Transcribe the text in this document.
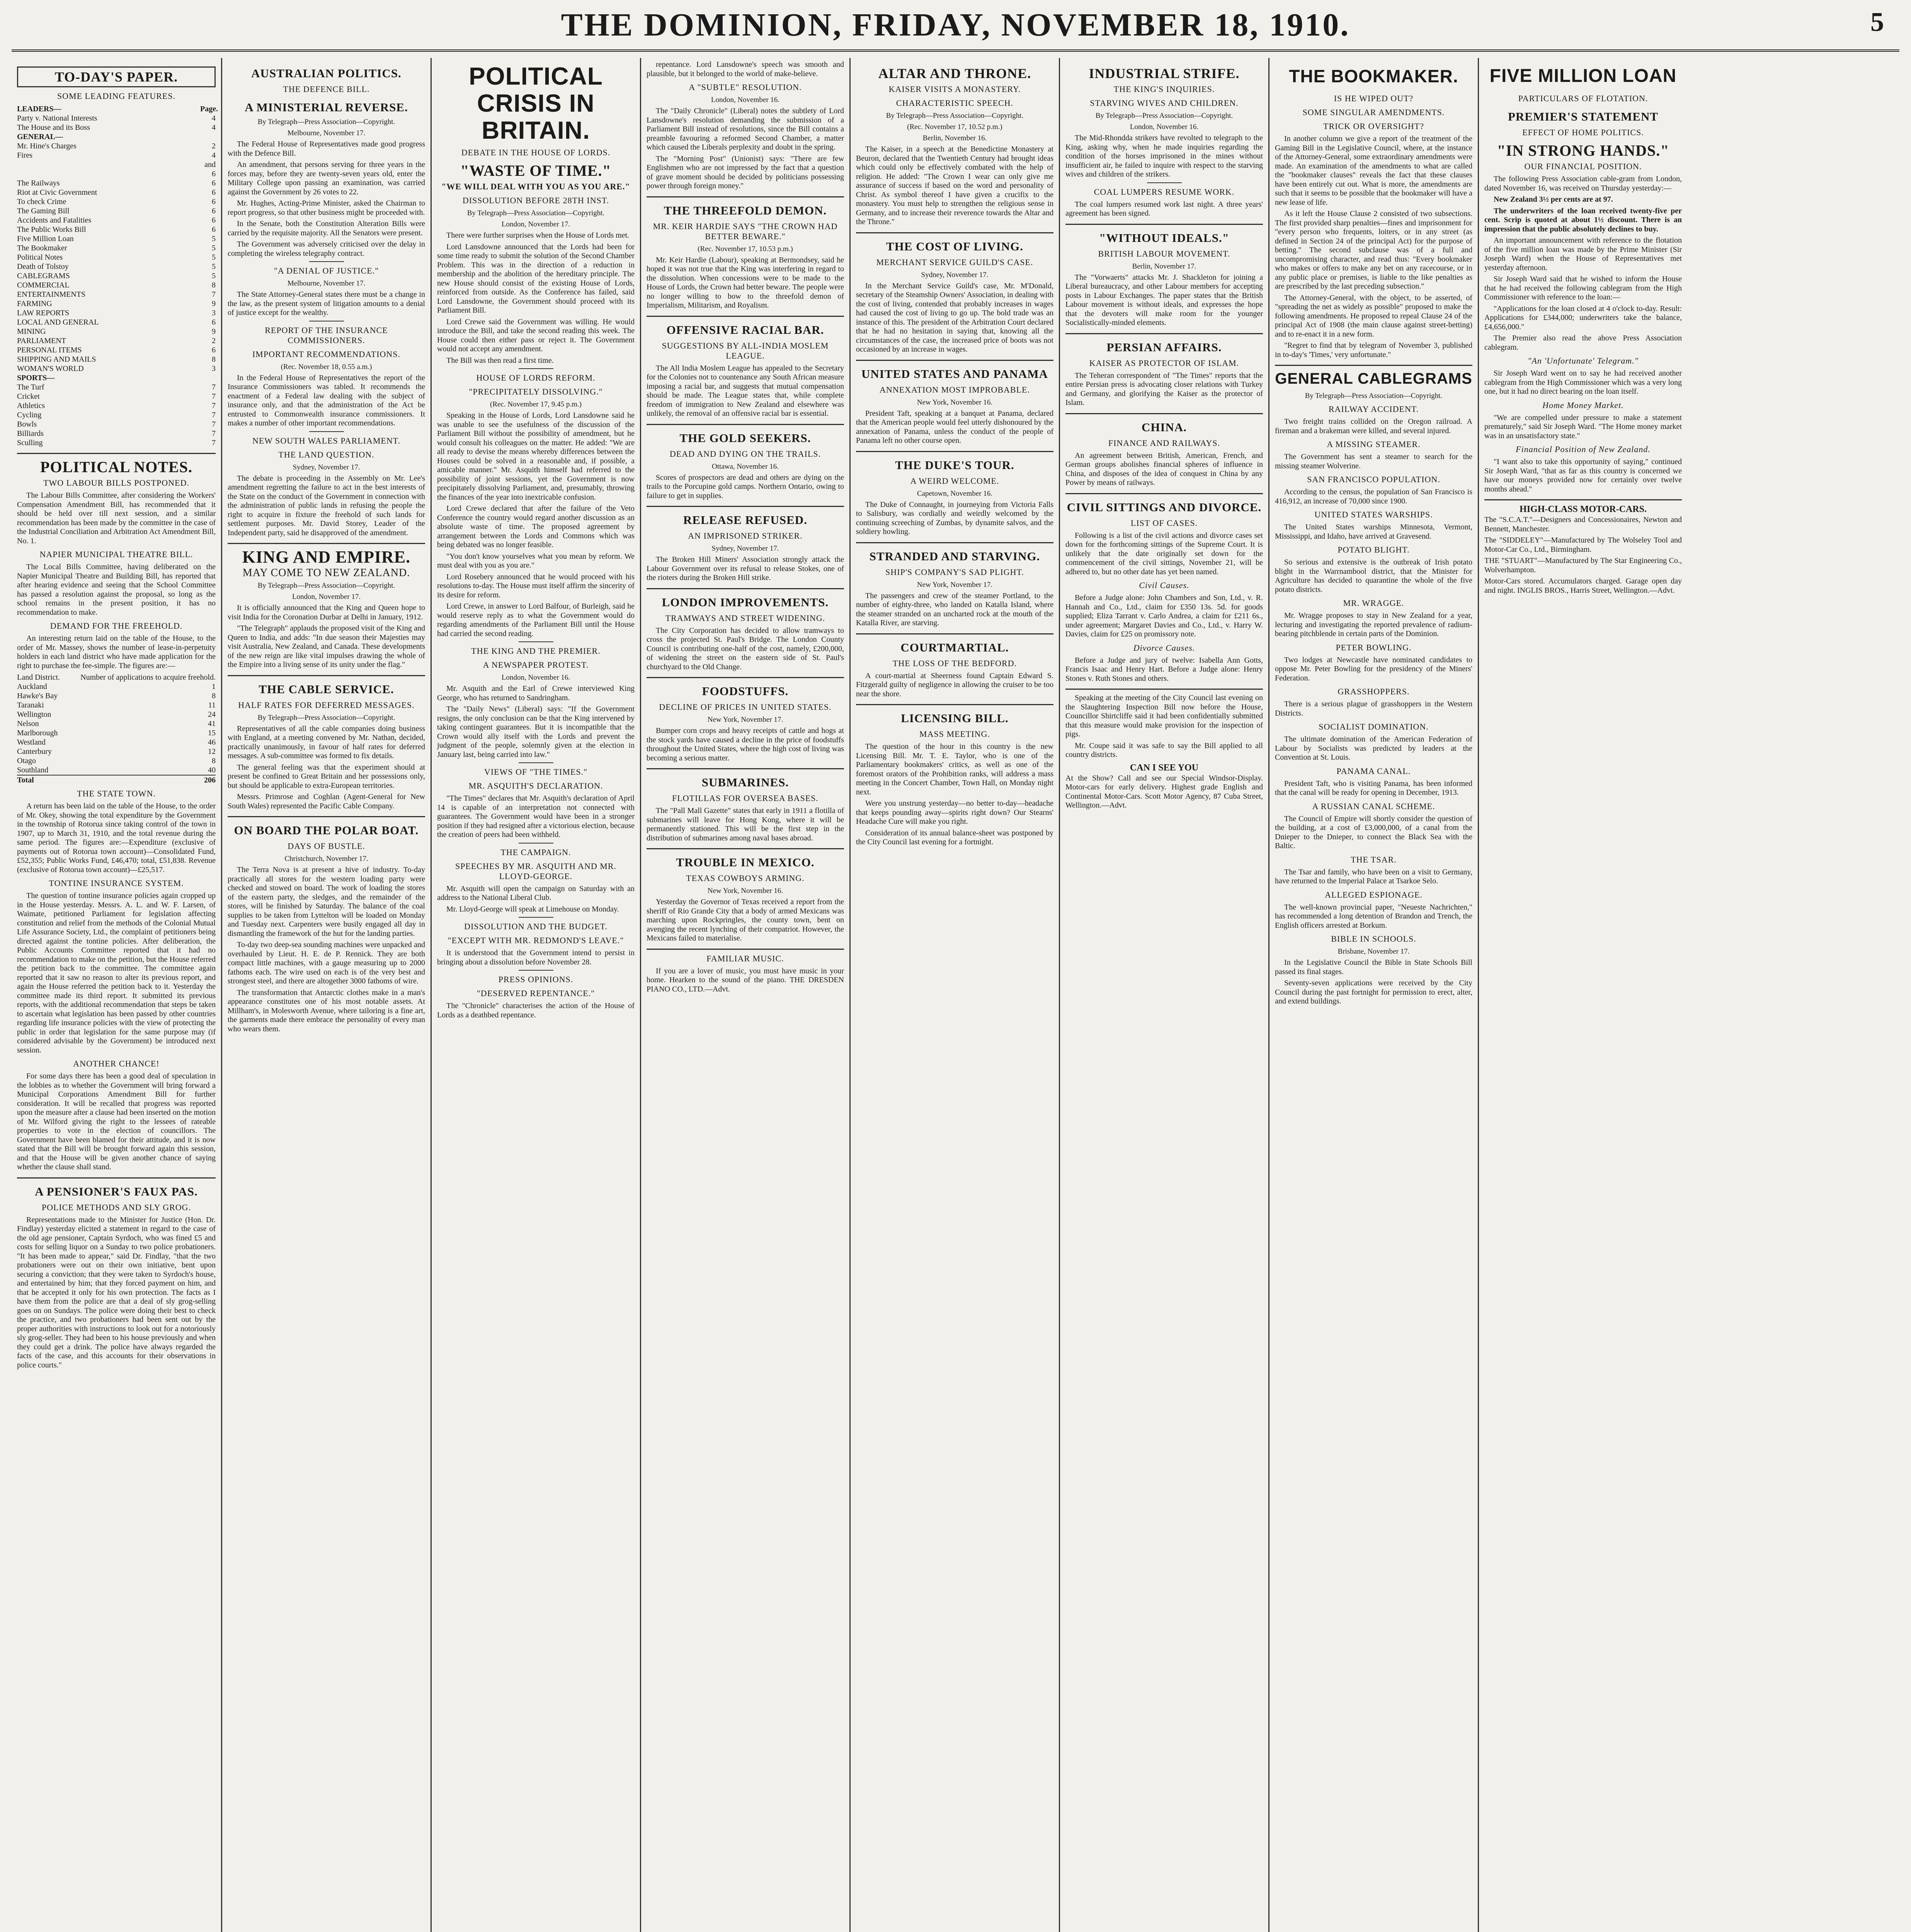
THE DOMINION, FRIDAY, NOVEMBER 18, 1910.	5
TO-DAY'S PAPER.
SOME LEADING FEATURES.
LEADERS—	Page.
Party v. National Interests	4
The House and its Boss	4
GENERAL—
Mr. Hine's Charges	2
Fires	4 and 6
The Railways	6
Riot at Civic Government	6
To check Crime	6
The Gaming Bill	6
Accidents and Fatalities	6
The Public Works Bill	6
Five Million Loan	5
The Bookmaker	5
Political Notes	5
Death of Tolstoy	5
CABLEGRAMS	5
COMMERCIAL	8
ENTERTAINMENTS	7
FARMING	9
LAW REPORTS	3
LOCAL AND GENERAL	6
MINING	9
PARLIAMENT	2
PERSONAL ITEMS	6
SHIPPING AND MAILS	8
WOMAN'S WORLD	3
SPORTS—
The Turf	7
Cricket	7
Athletics	7
Cycling	7
Bowls	7
Billiards	7
Sculling	7
POLITICAL NOTES.
TWO LABOUR BILLS POSTPONED.

The Labour Bills Committee, after considering the Workers' Compensation Amendment Bill, has recommended that it should be held over till next session, and a similar recommendation has been made by the committee in the case of the Industrial Conciliation and Arbitration Act Amendment Bill, No. 1.

NAPIER MUNICIPAL THEATRE BILL.

The Local Bills Committee, having deliberated on the Napier Municipal Theatre and Building Bill, has reported that after hearing evidence and seeing that the School Committee has passed a resolution against the proposal, so long as the school remains in the present position, it has no recommendation to make.

DEMAND FOR THE FREEHOLD.

An interesting return laid on the table of the House, to the order of Mr. Massey, shows the number of lease-in-perpetuity holders in each land district who have made application for the right to purchase the fee-simple. The figures are:—

Land District.	Number of applications to acquire freehold.
Auckland	1
Hawke's Bay	8
Taranaki	11
Wellington	24
Nelson	41
Marlborough	15
Westland	46
Canterbury	12
Otago	8
Southland	40
Total	206
THE STATE TOWN.

A return has been laid on the table of the House, to the order of Mr. Okey, showing the total expenditure by the Government in the township of Rotorua since taking control of the town in 1907, up to March 31, 1910, and the total revenue during the same period. The figures are:—Expenditure (exclusive of payments out of Rotorua town account)—Consolidated Fund, £52,355; Public Works Fund, £46,470; total, £51,838. Revenue (exclusive of Rotorua town account)—£25,517.

TONTINE INSURANCE SYSTEM.

The question of tontine insurance policies again cropped up in the House yesterday. Messrs. A. L. and W. F. Larsen, of Waimate, petitioned Parliament for legislation affecting constitution and relief from the methods of the Colonial Mutual Life Assurance Society, Ltd., the complaint of petitioners being directed against the tontine policies. After deliberation, the Public Accounts Committee reported that it had no recommendation to make on the petition, but the House referred the petition back to the committee. The committee again reported that it saw no reason to alter its previous report, and again the House referred the petition back to it. Yesterday the committee made its third report. It submitted its previous reports, with the additional recommendation that steps be taken to ascertain what legislation has been passed by other countries regarding life insurance policies with the view of protecting the public in order that legislation for the same purpose may (if considered advisable by the Government) be introduced next session.

ANOTHER CHANCE!

For some days there has been a good deal of speculation in the lobbies as to whether the Government will bring forward a Municipal Corporations Amendment Bill for further consideration. It will be recalled that progress was reported upon the measure after a clause had been inserted on the motion of Mr. Wilford giving the right to the lessees of rateable properties to vote in the election of councillors. The Government have been blamed for their attitude, and it is now stated that the Bill will be brought forward again this session, and that the House will be given another chance of saying whether the clause shall stand.

A PENSIONER'S FAUX PAS.
POLICE METHODS AND SLY GROG.

Representations made to the Minister for Justice (Hon. Dr. Findlay) yesterday elicited a statement in regard to the case of the old age pensioner, Captain Syrdoch, who was fined £5 and costs for selling liquor on a Sunday to two police probationers. "It has been made to appear," said Dr. Findlay, "that the two probationers were out on their own initiative, bent upon securing a conviction; that they were taken to Syrdoch's house, and entertained by him; that they forced payment on him, and that he accepted it only for his own protection. The facts as I have them from the police are that a deal of sly grog-selling goes on on Sundays. The police were doing their best to check the practice, and two probationers had been sent out by the proper authorities with instructions to look out for a notoriously sly grog-seller. They had been to his house previously and when they could get a drink. The police have always regarded the facts of the case, and this accounts for their observations in police courts."

AUSTRALIAN POLITICS.
THE DEFENCE BILL.
A MINISTERIAL REVERSE.
By Telegraph—Press Association—Copyright.
Melbourne, November 17.

The Federal House of Representatives made good progress with the Defence Bill.

An amendment, that persons serving for three years in the forces may, before they are twenty-seven years old, enter the Military College upon passing an examination, was carried against the Government by 26 votes to 22.

Mr. Hughes, Acting-Prime Minister, asked the Chairman to report progress, so that other business might be proceeded with.

In the Senate, both the Constitution Alteration Bills were carried by the requisite majority. All the Senators were present.

The Government was adversely criticised over the delay in completing the wireless telegraphy contract.

"A DENIAL OF JUSTICE."
Melbourne, November 17.

The State Attorney-General states there must be a change in the law, as the present system of litigation amounts to a denial of justice except for the wealthy.

REPORT OF THE INSURANCE COMMISSIONERS.
IMPORTANT RECOMMENDATIONS.
(Rec. November 18, 0.55 a.m.)

In the Federal House of Representatives the report of the Insurance Commissioners was tabled. It recommends the enactment of a Federal law dealing with the subject of insurance only, and that the administration of the Act be entrusted to Commonwealth insurance commissioners. It makes a number of other important recommendations.

NEW SOUTH WALES PARLIAMENT.
THE LAND QUESTION.
Sydney, November 17.

The debate is proceeding in the Assembly on Mr. Lee's amendment regretting the failure to act in the best interests of the State on the conduct of the Government in connection with the administration of public lands in refusing the people the right to acquire in fixture the freehold of such lands for settlement purposes. Mr. David Storey, Leader of the Independent party, said he disapproved of the amendment.

KING AND EMPIRE.
MAY COME TO NEW ZEALAND.
By Telegraph—Press Association—Copyright.
London, November 17.

It is officially announced that the King and Queen hope to visit India for the Coronation Durbar at Delhi in January, 1912.

"The Telegraph" applauds the proposed visit of the King and Queen to India, and adds: "In due season their Majesties may visit Australia, New Zealand, and Canada. These developments of the new reign are like vital impulses drawing the whole of the Empire into a living sense of its unity under the flag."

THE CABLE SERVICE.
HALF RATES FOR DEFERRED MESSAGES.
By Telegraph—Press Association—Copyright.

Representatives of all the cable companies doing business with England, at a meeting convened by Mr. Nathan, decided, practically unanimously, in favour of half rates for deferred messages. A sub-committee was formed to fix details.

The general feeling was that the experiment should at present be confined to Great Britain and her possessions only, but should be applicable to extra-European territories.

Messrs. Primrose and Coghlan (Agent-General for New South Wales) represented the Pacific Cable Company.

ON BOARD THE POLAR BOAT.
DAYS OF BUSTLE.
Christchurch, November 17.

The Terra Nova is at present a hive of industry. To-day practically all stores for the western loading party were checked and stowed on board. The work of loading the stores of the eastern party, the sledges, and the remainder of the stores, will be finished by Saturday. The balance of the coal supplies to be taken from Lyttelton will be loaded on Monday and Tuesday next. Carpenters were busily engaged all day in dismantling the framework of the hut for the landing parties.

To-day two deep-sea sounding machines were unpacked and overhauled by Lieut. H. E. de P. Rennick. They are both compact little machines, with a gauge measuring up to 2000 fathoms each. The wire used on each is of the very best and strongest steel, and there are altogether 3000 fathoms of wire.

The transformation that Antarctic clothes make in a man's appearance constitutes one of his most notable assets. At Millham's, in Molesworth Avenue, where tailoring is a fine art, the garments made there embrace the personality of every man who wears them.

POLITICAL CRISIS IN BRITAIN.
DEBATE IN THE HOUSE OF LORDS.
"WASTE OF TIME."
"WE WILL DEAL WITH YOU AS YOU ARE."
DISSOLUTION BEFORE 28TH INST.
By Telegraph—Press Association—Copyright.
London, November 17.

There were further surprises when the House of Lords met.

Lord Lansdowne announced that the Lords had been for some time ready to submit the solution of the Second Chamber Problem. This was in the direction of a reduction in membership and the abolition of the hereditary principle. The new House should consist of the existing House of Lords, reinforced from outside. As the Conference has failed, said Lord Lansdowne, the Government should proceed with its Parliament Bill.

Lord Crewe said the Government was willing. He would introduce the Bill, and take the second reading this week. The House could then either pass or reject it. The Government would not accept any amendment.

The Bill was then read a first time.

HOUSE OF LORDS REFORM.
"PRECIPITATELY DISSOLVING."
(Rec. November 17, 9.45 p.m.)

Speaking in the House of Lords, Lord Lansdowne said he was unable to see the usefulness of the discussion of the Parliament Bill without the possibility of amendment, but he would consult his colleagues on the matter. He added: "We are all ready to devise the means whereby differences between the Houses could be solved in a reasonable and, if possible, a amicable manner." Mr. Asquith himself had referred to the possibility of joint sessions, yet the Government is now precipitately dissolving Parliament, and, presumably, throwing the finances of the year into inextricable confusion.

Lord Crewe declared that after the failure of the Veto Conference the country would regard another discussion as an absolute waste of time. The proposed agreement by arrangement between the Lords and Commons which was being debated was no longer feasible.

"You don't know yourselves what you mean by reform. We must deal with you as you are."

Lord Rosebery announced that he would proceed with his resolutions to-day. The House must itself affirm the sincerity of its desire for reform.

Lord Crewe, in answer to Lord Balfour, of Burleigh, said he would reserve reply as to what the Government would do regarding amendments of the Parliament Bill until the House had carried the second reading.

THE KING AND THE PREMIER.
A NEWSPAPER PROTEST.
London, November 16.

Mr. Asquith and the Earl of Crewe interviewed King George, who has returned to Sandringham.

The "Daily News" (Liberal) says: "If the Government resigns, the only conclusion can be that the King intervened by taking contingent guarantees. But it is incompatible that the Crown would ally itself with the Lords and prevent the judgment of the people, solemnly given at the election in January last, being carried into law."

VIEWS OF "THE TIMES."
MR. ASQUITH'S DECLARATION.

"The Times" declares that Mr. Asquith's declaration of April 14 is capable of an interpretation not connected with guarantees. The Government would have been in a stronger position if they had resigned after a victorious election, because the creation of peers had been withheld.

THE CAMPAIGN.
SPEECHES BY MR. ASQUITH AND MR. LLOYD-GEORGE.

Mr. Asquith will open the campaign on Saturday with an address to the National Liberal Club.

Mr. Lloyd-George will speak at Limehouse on Monday.

DISSOLUTION AND THE BUDGET.
"EXCEPT WITH MR. REDMOND'S LEAVE."

It is understood that the Government intend to persist in bringing about a dissolution before November 28.

PRESS OPINIONS.
"DESERVED REPENTANCE."

The "Chronicle" characterises the action of the House of Lords as a deathbed repentance.

repentance. Lord Lansdowne's speech was smooth and plausible, but it belonged to the world of make-believe.

A "SUBTLE" RESOLUTION.
London, November 16.

The "Daily Chronicle" (Liberal) notes the subtlety of Lord Lansdowne's resolution demanding the submission of a Parliament Bill instead of resolutions, since the Bill contains a preamble favouring a reformed Second Chamber, a matter which caused the Liberals perplexity and doubt in the spring.

The "Morning Post" (Unionist) says: "There are few Englishmen who are not impressed by the fact that a question of grave moment should be decided by politicians possessing power through foreign money."

THE THREEFOLD DEMON.
MR. KEIR HARDIE SAYS "THE CROWN HAD BETTER BEWARE."
(Rec. November 17, 10.53 p.m.)

Mr. Keir Hardie (Labour), speaking at Bermondsey, said he hoped it was not true that the King was interfering in regard to the dissolution. When concessions were to be made to the House of Lords, the Crown had better beware. The people were no longer willing to bow to the threefold demon of Imperialism, Militarism, and Royalism.

OFFENSIVE RACIAL BAR.
SUGGESTIONS BY ALL-INDIA MOSLEM LEAGUE.

The All India Moslem League has appealed to the Secretary for the Colonies not to countenance any South African measure imposing a racial bar, and suggests that mutual compensation should be made. The League states that, while complete freedom of immigration to New Zealand and elsewhere was unlikely, the removal of an offensive racial bar is essential.

THE GOLD SEEKERS.
DEAD AND DYING ON THE TRAILS.
Ottawa, November 16.

Scores of prospectors are dead and others are dying on the trails to the Porcupine gold camps. Northern Ontario, owing to failure to get in supplies.

RELEASE REFUSED.
AN IMPRISONED STRIKER.
Sydney, November 17.

The Broken Hill Miners' Association strongly attack the Labour Government over its refusal to release Stokes, one of the rioters during the Broken Hill strike.

LONDON IMPROVEMENTS.
TRAMWAYS AND STREET WIDENING.

The City Corporation has decided to allow tramways to cross the projected St. Paul's Bridge. The London County Council is contributing one-half of the cost, namely, £200,000, of widening the street on the eastern side of St. Paul's churchyard to the Old Change.

FOODSTUFFS.
DECLINE OF PRICES IN UNITED STATES.
New York, November 17.

Bumper corn crops and heavy receipts of cattle and hogs at the stock yards have caused a decline in the price of foodstuffs throughout the United States, where the high cost of living was becoming a serious matter.

SUBMARINES.
FLOTILLAS FOR OVERSEA BASES.

The "Pall Mall Gazette" states that early in 1911 a flotilla of submarines will leave for Hong Kong, where it will be permanently stationed. This will be the first step in the distribution of submarines among naval bases abroad.

TROUBLE IN MEXICO.
TEXAS COWBOYS ARMING.
New York, November 16.

Yesterday the Governor of Texas received a report from the sheriff of Rio Grande City that a body of armed Mexicans was marching upon Rockpringles, the county town, bent on avenging the recent lynching of their compatriot. However, the Mexicans failed to materialise.

FAMILIAR MUSIC.

If you are a lover of music, you must have music in your home. Hearken to the sound of the piano. THE DRESDEN PIANO CO., LTD.—Advt.

ALTAR AND THRONE.
KAISER VISITS A MONASTERY.
CHARACTERISTIC SPEECH.
By Telegraph—Press Association—Copyright.
(Rec. November 17, 10.52 p.m.)
Berlin, November 16.

The Kaiser, in a speech at the Benedictine Monastery at Beuron, declared that the Twentieth Century had brought ideas which could only be effectively combated with the help of religion. He added: "The Crown I wear can only give me assurance of success if based on the word and personality of Christ. As symbol thereof I have given a crucifix to the monastery. You must help to strengthen the religious sense in Germany, and to increase their reverence towards the Altar and the Throne."

THE COST OF LIVING.
MERCHANT SERVICE GUILD'S CASE.
Sydney, November 17.

In the Merchant Service Guild's case, Mr. M'Donald, secretary of the Steamship Owners' Association, in dealing with the cost of living, contended that probably increases in wages had caused the cost of living to go up. The bold trade was an instance of this. The president of the Arbitration Court declared that he had no hesitation in saying that, knowing all the circumstances of the case, the increased price of boots was not occasioned by an increase in wages.

UNITED STATES AND PANAMA
ANNEXATION MOST IMPROBABLE.
New York, November 16.

President Taft, speaking at a banquet at Panama, declared that the American people would feel utterly dishonoured by the annexation of Panama, unless the conduct of the people of Panama left no other course open.

THE DUKE'S TOUR.
A WEIRD WELCOME.
Capetown, November 16.

The Duke of Connaught, in journeying from Victoria Falls to Salisbury, was cordially and weirdly welcomed by the continuing screeching of Zumbas, by dynamite salvos, and the soldiery howling.

STRANDED AND STARVING.
SHIP'S COMPANY'S SAD PLIGHT.
New York, November 17.

The passengers and crew of the steamer Portland, to the number of eighty-three, who landed on Katalla Island, where the steamer stranded on an uncharted rock at the mouth of the Katalla River, are starving.

COURTMARTIAL.
THE LOSS OF THE BEDFORD.

A court-martial at Sheerness found Captain Edward S. Fitzgerald guilty of negligence in allowing the cruiser to be too near the shore.

LICENSING BILL.
MASS MEETING.

The question of the hour in this country is the new Licensing Bill. Mr. T. E. Taylor, who is one of the Parliamentary bookmakers' critics, as well as one of the foremost orators of the Prohibition ranks, will address a mass meeting in the Concert Chamber, Town Hall, on Monday night next.

Were you unstrung yesterday—no better to-day—headache that keeps pounding away—spirits right down? Our Stearns' Headache Cure will make you right.

Consideration of its annual balance-sheet was postponed by the City Council last evening for a fortnight.

INDUSTRIAL STRIFE.
THE KING'S INQUIRIES.
STARVING WIVES AND CHILDREN.
By Telegraph—Press Association—Copyright.
London, November 16.

The Mid-Rhondda strikers have revolted to telegraph to the King, asking why, when he made inquiries regarding the condition of the horses imprisoned in the mines without insufficient air, he failed to inquire with respect to the starving wives and children of the strikers.

COAL LUMPERS RESUME WORK.

The coal lumpers resumed work last night. A three years' agreement has been signed.

"WITHOUT IDEALS."
BRITISH LABOUR MOVEMENT.
Berlin, November 17.

The "Vorwaerts" attacks Mr. J. Shackleton for joining a Liberal bureaucracy, and other Labour members for accepting posts in Labour Exchanges. The paper states that the British Labour movement is without ideals, and expresses the hope that the devoters will make room for the younger Socialistically-minded elements.

PERSIAN AFFAIRS.
KAISER AS PROTECTOR OF ISLAM.

The Teheran correspondent of "The Times" reports that the entire Persian press is advocating closer relations with Turkey and Germany, and glorifying the Kaiser as the protector of Islam.

CHINA.
FINANCE AND RAILWAYS.

An agreement between British, American, French, and German groups abolishes financial spheres of influence in China, and disposes of the idea of conquest in China by any Power by means of railways.

CIVIL SITTINGS AND DIVORCE.
LIST OF CASES.

Following is a list of the civil actions and divorce cases set down for the forthcoming sittings of the Supreme Court. It is unlikely that the date originally set down for the commencement of the civil sittings, November 21, will be adhered to, but no other date has yet been named.

Civil Causes.

Before a Judge alone: John Chambers and Son, Ltd., v. R. Hannah and Co., Ltd., claim for £350 13s. 5d. for goods supplied; Eliza Tarrant v. Carlo Andrea, a claim for £211 6s., under agreement; Margaret Davies and Co., Ltd., v. Harry W. Davies, claim for £25 on promissory note.

Divorce Causes.

Before a Judge and jury of twelve: Isabella Ann Gotts, Francis Isaac and Henry Hart. Before a Judge alone: Henry Stones v. Ruth Stones and others.

Speaking at the meeting of the City Council last evening on the Slaughtering Inspection Bill now before the House, Councillor Shirtcliffe said it had been confidentially submitted that this measure would make provision for the inspection of pigs.

Mr. Coupe said it was safe to say the Bill applied to all country districts.

CAN I SEE YOU

At the Show? Call and see our Special Windsor-Display. Motor-cars for early delivery. Highest grade English and Continental Motor-Cars. Scott Motor Agency, 87 Cuba Street, Wellington.—Advt.

THE BOOKMAKER.
IS HE WIPED OUT?
SOME SINGULAR AMENDMENTS.
TRICK OR OVERSIGHT?

In another column we give a report of the treatment of the Gaming Bill in the Legislative Council, where, at the instance of the Attorney-General, some extraordinary amendments were made. An examination of the amendments to what are called the "bookmaker clauses" reveals the fact that these clauses have been entirely cut out. What is more, the amendments are such that it seems to be possible that the bookmaker will have a new lease of life.

As it left the House Clause 2 consisted of two subsections. The first provided sharp penalties—fines and imprisonment for "every person who frequents, loiters, or in any street (as defined in Section 24 of the principal Act) for the purpose of betting." The second subclause was of a full and uncompromising character, and read thus: "Every bookmaker who makes or offers to make any bet on any racecourse, or in any public place or premises, is liable to the like penalties as are prescribed by the last preceding subsection."

The Attorney-General, with the object, to be asserted, of "spreading the net as widely as possible" proposed to make the following amendments. He proposed to repeal Clause 24 of the principal Act of 1908 (the main clause against street-betting) and to re-enact it in a new form.

"Regret to find that by telegram of November 3, published in to-day's 'Times,' very unfortunate."

GENERAL CABLEGRAMS
By Telegraph—Press Association—Copyright.
RAILWAY ACCIDENT.

Two freight trains collided on the Oregon railroad. A fireman and a brakeman were killed, and several injured.

A MISSING STEAMER.

The Government has sent a steamer to search for the missing steamer Wolverine.

SAN FRANCISCO POPULATION.

According to the census, the population of San Francisco is 416,912, an increase of 70,000 since 1900.

UNITED STATES WARSHIPS.

The United States warships Minnesota, Vermont, Mississippi, and Idaho, have arrived at Gravesend.

POTATO BLIGHT.

So serious and extensive is the outbreak of Irish potato blight in the Warrnambool district, that the Minister for Agriculture has decided to quarantine the whole of the five potato districts.

MR. WRAGGE.

Mr. Wragge proposes to stay in New Zealand for a year, lecturing and investigating the reported prevalence of radium-bearing pitchblende in certain parts of the Dominion.

PETER BOWLING.

Two lodges at Newcastle have nominated candidates to oppose Mr. Peter Bowling for the presidency of the Miners' Federation.

GRASSHOPPERS.

There is a serious plague of grasshoppers in the Western Districts.

SOCIALIST DOMINATION.

The ultimate domination of the American Federation of Labour by Socialists was predicted by leaders at the Convention at St. Louis.

PANAMA CANAL.

President Taft, who is visiting Panama, has been informed that the canal will be ready for opening in December, 1913.

A RUSSIAN CANAL SCHEME.

The Council of Empire will shortly consider the question of the building, at a cost of £3,000,000, of a canal from the Dnieper to the Dnieper, to connect the Black Sea with the Baltic.

THE TSAR.

The Tsar and family, who have been on a visit to Germany, have returned to the Imperial Palace at Tsarkoe Selo.

ALLEGED ESPIONAGE.

The well-known provincial paper, "Neueste Nachrichten," has recommended a long detention of Brandon and Trench, the English officers arrested at Borkum.

BIBLE IN SCHOOLS.
Brisbane, November 17.

In the Legislative Council the Bible in State Schools Bill passed its final stages.

Seventy-seven applications were received by the City Council during the past fortnight for permission to erect, alter, and extend buildings.

FIVE MILLION LOAN
PARTICULARS OF FLOTATION.
PREMIER'S STATEMENT
EFFECT OF HOME POLITICS.
"IN STRONG HANDS."
OUR FINANCIAL POSITION.

The following Press Association cable-gram from London, dated November 16, was received on Thursday yesterday:—

New Zealand 3½ per cents are at 97.

The underwriters of the loan received twenty-five per cent. Scrip is quoted at about 1½ discount. There is an impression that the public absolutely declines to buy.

An important announcement with reference to the flotation of the five million loan was made by the Prime Minister (Sir Joseph Ward) when the House of Representatives met yesterday afternoon.

Sir Joseph Ward said that he wished to inform the House that he had received the following cablegram from the High Commissioner with reference to the loan:—

"Applications for the loan closed at 4 o'clock to-day. Result: Applications for £344,000; underwriters take the balance, £4,656,000."

The Premier also read the above Press Association cablegram.

"An 'Unfortunate' Telegram."

Sir Joseph Ward went on to say he had received another cablegram from the High Commissioner which was a very long one, but it had no direct bearing on the loan itself.

Home Money Market.

"We are compelled under pressure to make a statement prematurely," said Sir Joseph Ward. "The Home money market was in an unsatisfactory state."

Financial Position of New Zealand.

"I want also to take this opportunity of saying," continued Sir Joseph Ward, "that as far as this country is concerned we have our moneys provided now for certainly over twelve months ahead."

HIGH-CLASS MOTOR-CARS.

The "S.C.A.T."—Designers and Concessionaires, Newton and Bennett, Manchester.

The "SIDDELEY"—Manufactured by The Wolseley Tool and Motor-Car Co., Ltd., Birmingham.

THE "STUART"—Manufactured by The Star Engineering Co., Wolverhampton.

Motor-Cars stored. Accumulators charged. Garage open day and night. INGLIS BROS., Harris Street, Wellington.—Advt.
